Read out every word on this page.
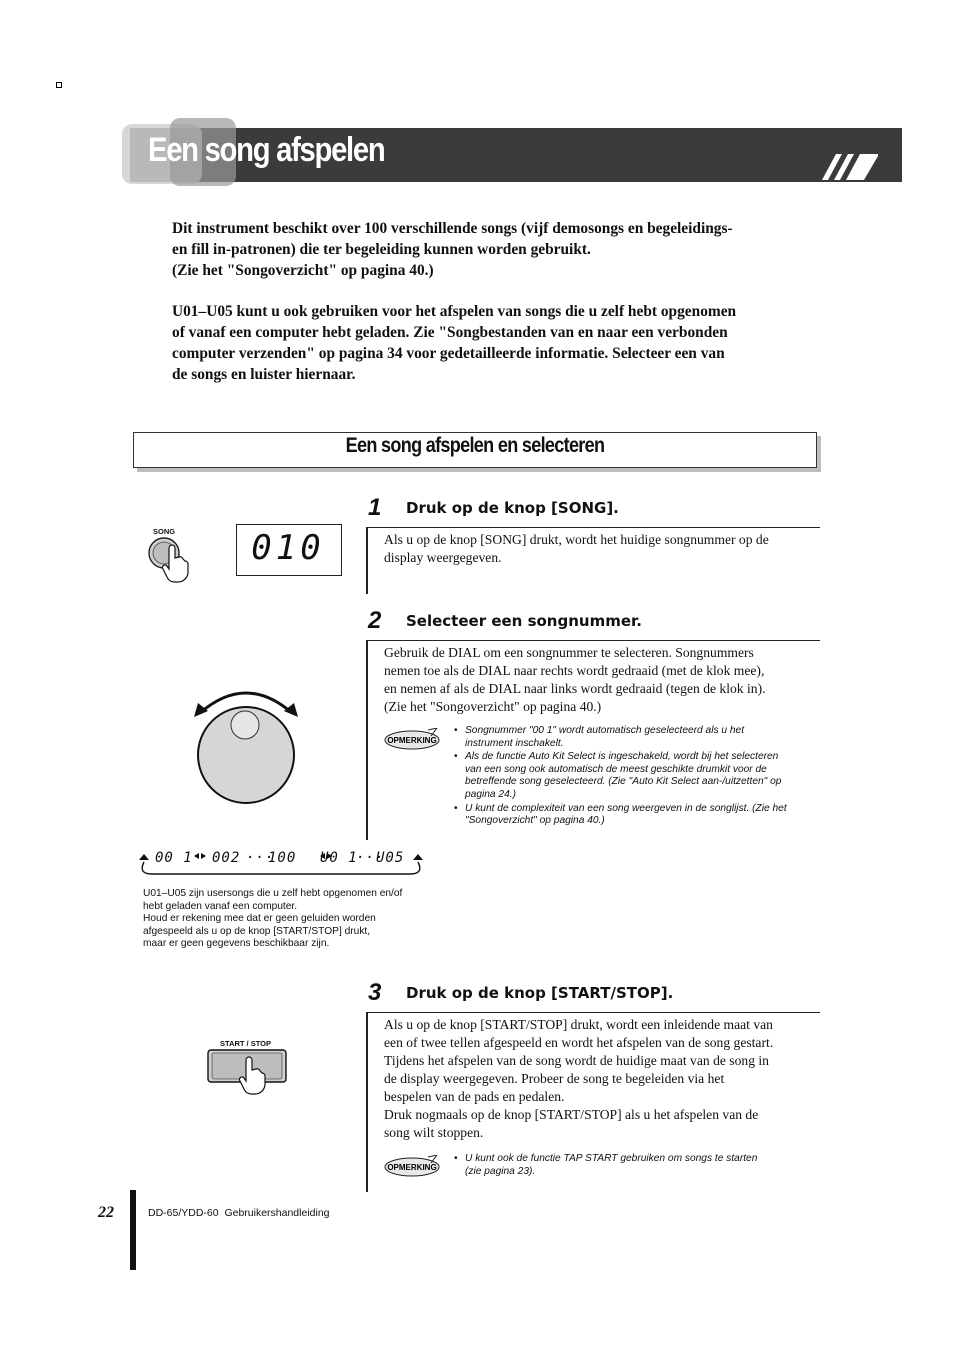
Een song afspelen

Dit instrument beschikt over 100 verschillende songs (vijf demosongs en begeleidings-

en fill in-patronen) die ter begeleiding kunnen worden gebruikt.

(Zie het "Songoverzicht" op pagina 40.)

U01–U05 kunt u ook gebruiken voor het afspelen van songs die u zelf hebt opgenomen

of vanaf een computer hebt geladen. Zie "Songbestanden van en naar een verbonden

computer verzenden" op pagina 34 voor gedetailleerde informatie. Selecteer een van

de songs en luister hiernaar.

Een song afspelen en selecteren
1 Druk op de knop [SONG].

Als u op de knop [SONG] drukt, wordt het huidige songnummer op de

display weergegeven.

SONG	010
2 Selecteer een songnummer.

Gebruik de DIAL om een songnummer te selecteren. Songnummers

nemen toe als de DIAL naar rechts wordt gedraaid (met de klok mee),

en nemen af als de DIAL naar links wordt gedraaid (tegen de klok in).

(Zie het "Songoverzicht" op pagina 40.)

OPMERKING
• Songnummer "00 1" wordt automatisch geselecteerd als u het
instrument inschakelt.
• Als de functie Auto Kit Select is ingeschakeld, wordt bij het selecteren
van een song ook automatisch de meest geschikte drumkit voor de
betreffende song geselecteerd. (Zie "Auto Kit Select aan-/uitzetten" op
pagina 24.)
• U kunt de complexiteit van een song weergeven in de songlijst. (Zie het
"Songoverzicht" op pagina 40.)
00 1 002 ···
100 U0 1
···
U05

U01–U05 zijn usersongs die u zelf hebt opgenomen en/of

hebt geladen vanaf een computer.

Houd er rekening mee dat er geen geluiden worden

afgespeeld als u op de knop [START/STOP] drukt,

maar er geen gegevens beschikbaar zijn.

3 Druk op de knop [START/STOP].

Als u op de knop [START/STOP] drukt, wordt een inleidende maat van

een of twee tellen afgespeeld en wordt het afspelen van de song gestart.

Tijdens het afspelen van de song wordt de huidige maat van de song in

de display weergegeven. Probeer de song te begeleiden via het

bespelen van de pads en pedalen.

Druk nogmaals op de knop [START/STOP] als u het afspelen van de

song wilt stoppen.

OPMERKING
• U kunt ook de functie TAP START gebruiken om songs te starten
(zie pagina 23).
START / STOP
22	DD-65/YDD-60  Gebruikershandleiding
